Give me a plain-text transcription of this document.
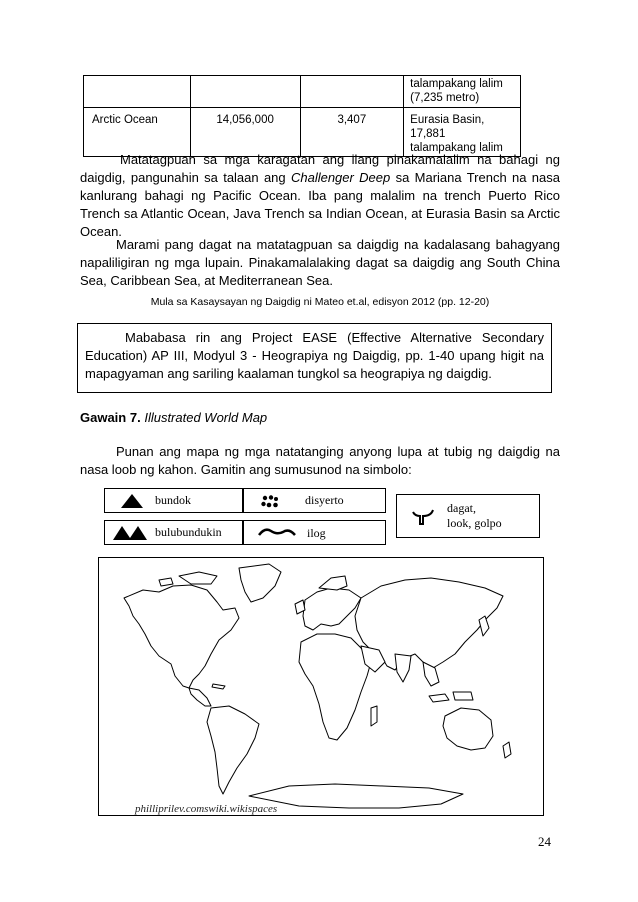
			talampakang lalim
(7,235 metro)

Arctic Ocean	14,056,000	3,407	Eurasia Basin, 17,881
talampakang lalim

Matatagpuan sa mga karagatan ang ilang pinakamalalim na bahagi ng daigdig, pangunahin sa talaan ang Challenger Deep sa Mariana Trench na nasa kanlurang bahagi ng Pacific Ocean. Iba pang malalim na trench Puerto Rico Trench sa Atlantic Ocean, Java Trench sa Indian Ocean, at Eurasia Basin sa Arctic Ocean.

Marami pang dagat na matatagpuan sa daigdig na kadalasang bahagyang napaliligiran ng mga lupain. Pinakamalalaking dagat sa daigdig ang South China Sea, Caribbean Sea, at Mediterranean Sea.

Mula sa Kasaysayan ng Daigdig ni Mateo et.al, edisyon 2012 (pp. 12-20)

Mababasa rin ang Project EASE (Effective Alternative Secondary Education) AP III, Modyul 3 - Heograpiya ng Daigdig, pp. 1-40 upang higit na mapagyaman ang sariling kaalaman tungkol sa heograpiya ng daigdig.

Gawain 7. Illustrated World Map

Punan ang mapa ng mga natatanging anyong lupa at tubig ng daigdig na nasa loob ng kahon. Gamitin ang sumusunod na simbolo:

bundok	disyerto
bulubundukin	ilog
dagat,
look, golpo
philliprilev.comswiki.wikispaces
24
